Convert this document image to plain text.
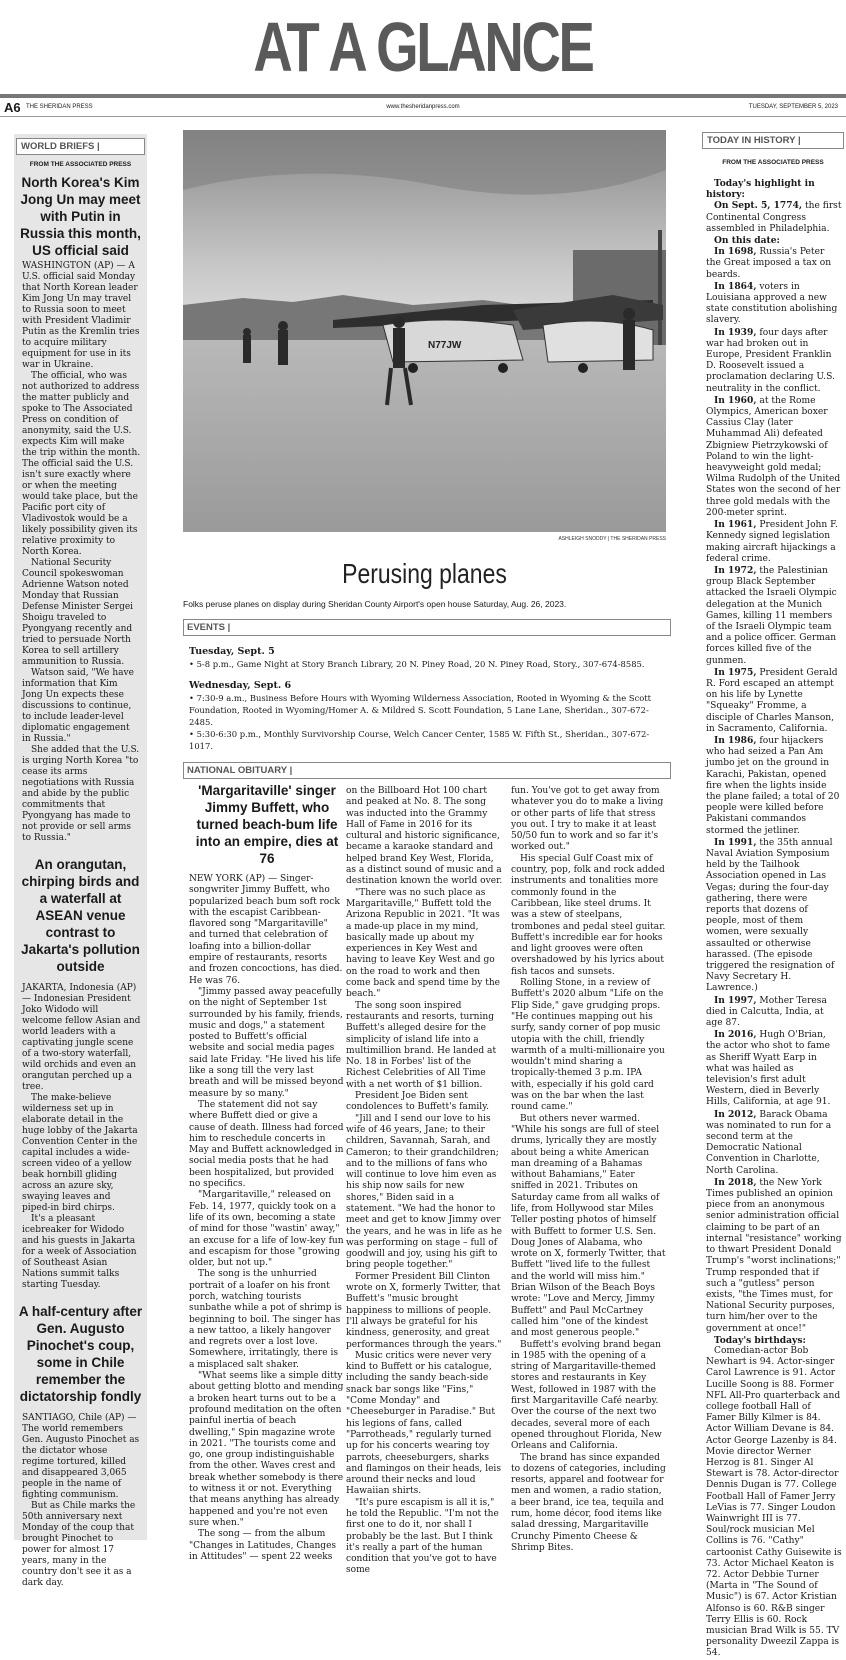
AT A GLANCE
A6 THE SHERIDAN PRESS	www.thesheridanpress.com	TUESDAY, SEPTEMBER 5, 2023
WORLD BRIEFS |
FROM THE ASSOCIATED PRESS
North Korea's Kim Jong Un may meet with Putin in Russia this month, US official said

WASHINGTON (AP) — A U.S. official said Monday that North Korean leader Kim Jong Un may travel to Russia soon to meet with President Vladimir Putin as the Kremlin tries to acquire military equipment for use in its war in Ukraine.

The official, who was not authorized to address the matter publicly and spoke to The Associated Press on condition of anonymity, said the U.S. expects Kim will make the trip within the month. The official said the U.S. isn't sure exactly where or when the meeting would take place, but the Pacific port city of Vladivostok would be a likely possibility given its relative proximity to North Korea.

National Security Council spokeswoman Adrienne Watson noted Monday that Russian Defense Minister Sergei Shoigu traveled to Pyongyang recently and tried to persuade North Korea to sell artillery ammunition to Russia.

Watson said, "We have information that Kim Jong Un expects these discussions to continue, to include leader-level diplomatic engagement in Russia."

She added that the U.S. is urging North Korea "to cease its arms negotiations with Russia and abide by the public commitments that Pyongyang has made to not provide or sell arms to Russia."

An orangutan, chirping birds and a waterfall at ASEAN venue contrast to Jakarta's pollution outside

JAKARTA, Indonesia (AP) — Indonesian President Joko Widodo will welcome fellow Asian and world leaders with a captivating jungle scene of a two-story waterfall, wild orchids and even an orangutan perched up a tree.

The make-believe wilderness set up in elaborate detail in the huge lobby of the Jakarta Convention Center in the capital includes a wide-screen video of a yellow beak hornbill gliding across an azure sky, swaying leaves and piped-in bird chirps.

It's a pleasant icebreaker for Widodo and his guests in Jakarta for a week of Association of Southeast Asian Nations summit talks starting Tuesday.

A half-century after Gen. Augusto Pinochet's coup, some in Chile remember the dictatorship fondly

SANTIAGO, Chile (AP) — The world remembers Gen. Augusto Pinochet as the dictator whose regime tortured, killed and disappeared 3,065 people in the name of fighting communism.

But as Chile marks the 50th anniversary next Monday of the coup that brought Pinochet to power for almost 17 years, many in the country don't see it as a dark day.

N77JW
ASHLEIGH SNODDY | THE SHERIDAN PRESS
Perusing planes
Folks peruse planes on display during Sheridan County Airport's open house Saturday, Aug. 26, 2023.
EVENTS |
Tuesday, Sept. 5
• 5-8 p.m., Game Night at Story Branch Library, 20 N. Piney Road, 20 N. Piney Road, Story., 307-674-8585.
Wednesday, Sept. 6
• 7:30-9 a.m., Business Before Hours with Wyoming Wilderness Association, Rooted in Wyoming & the Scott Foundation, Rooted in Wyoming/Homer A. & Mildred S. Scott Foundation, 5 Lane Lane, Sheridan., 307-672-2485.
• 5:30-6:30 p.m., Monthly Survivorship Course, Welch Cancer Center, 1585 W. Fifth St., Sheridan., 307-672-1017.
NATIONAL OBITUARY |
'Margaritaville' singer Jimmy Buffett, who turned beach-bum life into an empire, dies at 76

NEW YORK (AP) — Singer-songwriter Jimmy Buffett, who popularized beach bum soft rock with the escapist Caribbean-flavored song "Margaritaville" and turned that celebration of loafing into a billion-dollar empire of restaurants, resorts and frozen concoctions, has died. He was 76.

"Jimmy passed away peacefully on the night of September 1st surrounded by his family, friends, music and dogs," a statement posted to Buffett's official website and social media pages said late Friday. "He lived his life like a song till the very last breath and will be missed beyond measure by so many."

The statement did not say where Buffett died or give a cause of death. Illness had forced him to reschedule concerts in May and Buffett acknowledged in social media posts that he had been hospitalized, but provided no specifics.

"Margaritaville," released on Feb. 14, 1977, quickly took on a life of its own, becoming a state of mind for those "wastin' away," an excuse for a life of low-key fun and escapism for those "growing older, but not up."

The song is the unhurried portrait of a loafer on his front porch, watching tourists sunbathe while a pot of shrimp is beginning to boil. The singer has a new tattoo, a likely hangover and regrets over a lost love. Somewhere, irritatingly, there is a misplaced salt shaker.

"What seems like a simple ditty about getting blotto and mending a broken heart turns out to be a profound meditation on the often painful inertia of beach dwelling," Spin magazine wrote in 2021. "The tourists come and go, one group indistinguishable from the other. Waves crest and break whether somebody is there to witness it or not. Everything that means anything has already happened and you're not even sure when."

The song — from the album "Changes in Latitudes, Changes in Attitudes" — spent 22 weeks

on the Billboard Hot 100 chart and peaked at No. 8. The song was inducted into the Grammy Hall of Fame in 2016 for its cultural and historic significance, became a karaoke standard and helped brand Key West, Florida, as a distinct sound of music and a destination known the world over.

"There was no such place as Margaritaville," Buffett told the Arizona Republic in 2021. "It was a made-up place in my mind, basically made up about my experiences in Key West and having to leave Key West and go on the road to work and then come back and spend time by the beach."

The song soon inspired restaurants and resorts, turning Buffett's alleged desire for the simplicity of island life into a multimillion brand. He landed at No. 18 in Forbes' list of the Richest Celebrities of All Time with a net worth of $1 billion.

President Joe Biden sent condolences to Buffett's family.

"Jill and I send our love to his wife of 46 years, Jane; to their children, Savannah, Sarah, and Cameron; to their grandchildren; and to the millions of fans who will continue to love him even as his ship now sails for new shores," Biden said in a statement. "We had the honor to meet and get to know Jimmy over the years, and he was in life as he was performing on stage – full of goodwill and joy, using his gift to bring people together."

Former President Bill Clinton wrote on X, formerly Twitter, that Buffett's "music brought happiness to millions of people. I'll always be grateful for his kindness, generosity, and great performances through the years."

Music critics were never very kind to Buffett or his catalogue, including the sandy beach-side snack bar songs like "Fins," "Come Monday" and "Cheeseburger in Paradise." But his legions of fans, called "Parrotheads," regularly turned up for his concerts wearing toy parrots, cheeseburgers, sharks and flamingos on their heads, leis around their necks and loud Hawaiian shirts.

"It's pure escapism is all it is," he told the Republic. "I'm not the first one to do it, nor shall I probably be the last. But I think it's really a part of the human condition that you've got to have some

fun. You've got to get away from whatever you do to make a living or other parts of life that stress you out. I try to make it at least 50/50 fun to work and so far it's worked out."

His special Gulf Coast mix of country, pop, folk and rock added instruments and tonalities more commonly found in the Caribbean, like steel drums. It was a stew of steelpans, trombones and pedal steel guitar. Buffett's incredible ear for hooks and light grooves were often overshadowed by his lyrics about fish tacos and sunsets.

Rolling Stone, in a review of Buffett's 2020 album "Life on the Flip Side," gave grudging props. "He continues mapping out his surfy, sandy corner of pop music utopia with the chill, friendly warmth of a multi-millionaire you wouldn't mind sharing a tropically-themed 3 p.m. IPA with, especially if his gold card was on the bar when the last round came."

But others never warmed. "While his songs are full of steel drums, lyrically they are mostly about being a white American man dreaming of a Bahamas without Bahamians," Eater sniffed in 2021. Tributes on Saturday came from all walks of life, from Hollywood star Miles Teller posting photos of himself with Buffett to former U.S. Sen. Doug Jones of Alabama, who wrote on X, formerly Twitter, that Buffett "lived life to the fullest and the world will miss him." Brian Wilson of the Beach Boys wrote: "Love and Mercy, Jimmy Buffett" and Paul McCartney called him "one of the kindest and most generous people."

Buffett's evolving brand began in 1985 with the opening of a string of Margaritaville-themed stores and restaurants in Key West, followed in 1987 with the first Margaritaville Café nearby. Over the course of the next two decades, several more of each opened throughout Florida, New Orleans and California.

The brand has since expanded to dozens of categories, including resorts, apparel and footwear for men and women, a radio station, a beer brand, ice tea, tequila and rum, home décor, food items like salad dressing, Margaritaville Crunchy Pimento Cheese & Shrimp Bites.

TODAY IN HISTORY |
FROM THE ASSOCIATED PRESS

Today's highlight in history:

On Sept. 5, 1774, the first Continental Congress assembled in Philadelphia.

On this date:

In 1698, Russia's Peter the Great imposed a tax on beards.

In 1864, voters in Louisiana approved a new state constitution abolishing slavery.

In 1939, four days after war had broken out in Europe, President Franklin D. Roosevelt issued a proclamation declaring U.S. neutrality in the conflict.

In 1960, at the Rome Olympics, American boxer Cassius Clay (later Muhammad Ali) defeated Zbigniew Pietrzykowski of Poland to win the light-heavyweight gold medal; Wilma Rudolph of the United States won the second of her three gold medals with the 200-meter sprint.

In 1961, President John F. Kennedy signed legislation making aircraft hijackings a federal crime.

In 1972, the Palestinian group Black September attacked the Israeli Olympic delegation at the Munich Games, killing 11 members of the Israeli Olympic team and a police officer. German forces killed five of the gunmen.

In 1975, President Gerald R. Ford escaped an attempt on his life by Lynette "Squeaky" Fromme, a disciple of Charles Manson, in Sacramento, California.

In 1986, four hijackers who had seized a Pan Am jumbo jet on the ground in Karachi, Pakistan, opened fire when the lights inside the plane failed; a total of 20 people were killed before Pakistani commandos stormed the jetliner.

In 1991, the 35th annual Naval Aviation Symposium held by the Tailhook Association opened in Las Vegas; during the four-day gathering, there were reports that dozens of people, most of them women, were sexually assaulted or otherwise harassed. (The episode triggered the resignation of Navy Secretary H. Lawrence.)

In 1997, Mother Teresa died in Calcutta, India, at age 87.

In 2016, Hugh O'Brian, the actor who shot to fame as Sheriff Wyatt Earp in what was hailed as television's first adult Western, died in Beverly Hills, California, at age 91.

In 2012, Barack Obama was nominated to run for a second term at the Democratic National Convention in Charlotte, North Carolina.

In 2018, the New York Times published an opinion piece from an anonymous senior administration official claiming to be part of an internal "resistance" working to thwart President Donald Trump's "worst inclinations;" Trump responded that if such a "gutless" person exists, "the Times must, for National Security purposes, turn him/her over to the government at once!"

Today's birthdays:

Comedian-actor Bob Newhart is 94. Actor-singer Carol Lawrence is 91. Actor Lucille Soong is 88. Former NFL All-Pro quarterback and college football Hall of Famer Billy Kilmer is 84. Actor William Devane is 84. Actor George Lazenby is 84. Movie director Werner Herzog is 81. Singer Al Stewart is 78. Actor-director Dennis Dugan is 77. College Football Hall of Famer Jerry LeVias is 77. Singer Loudon Wainwright III is 77. Soul/rock musician Mel Collins is 76. "Cathy" cartoonist Cathy Guisewite is 73. Actor Michael Keaton is 72. Actor Debbie Turner (Marta in "The Sound of Music") is 67. Actor Kristian Alfonso is 60. R&B singer Terry Ellis is 60. Rock musician Brad Wilk is 55. TV personality Dweezil Zappa is 54.
